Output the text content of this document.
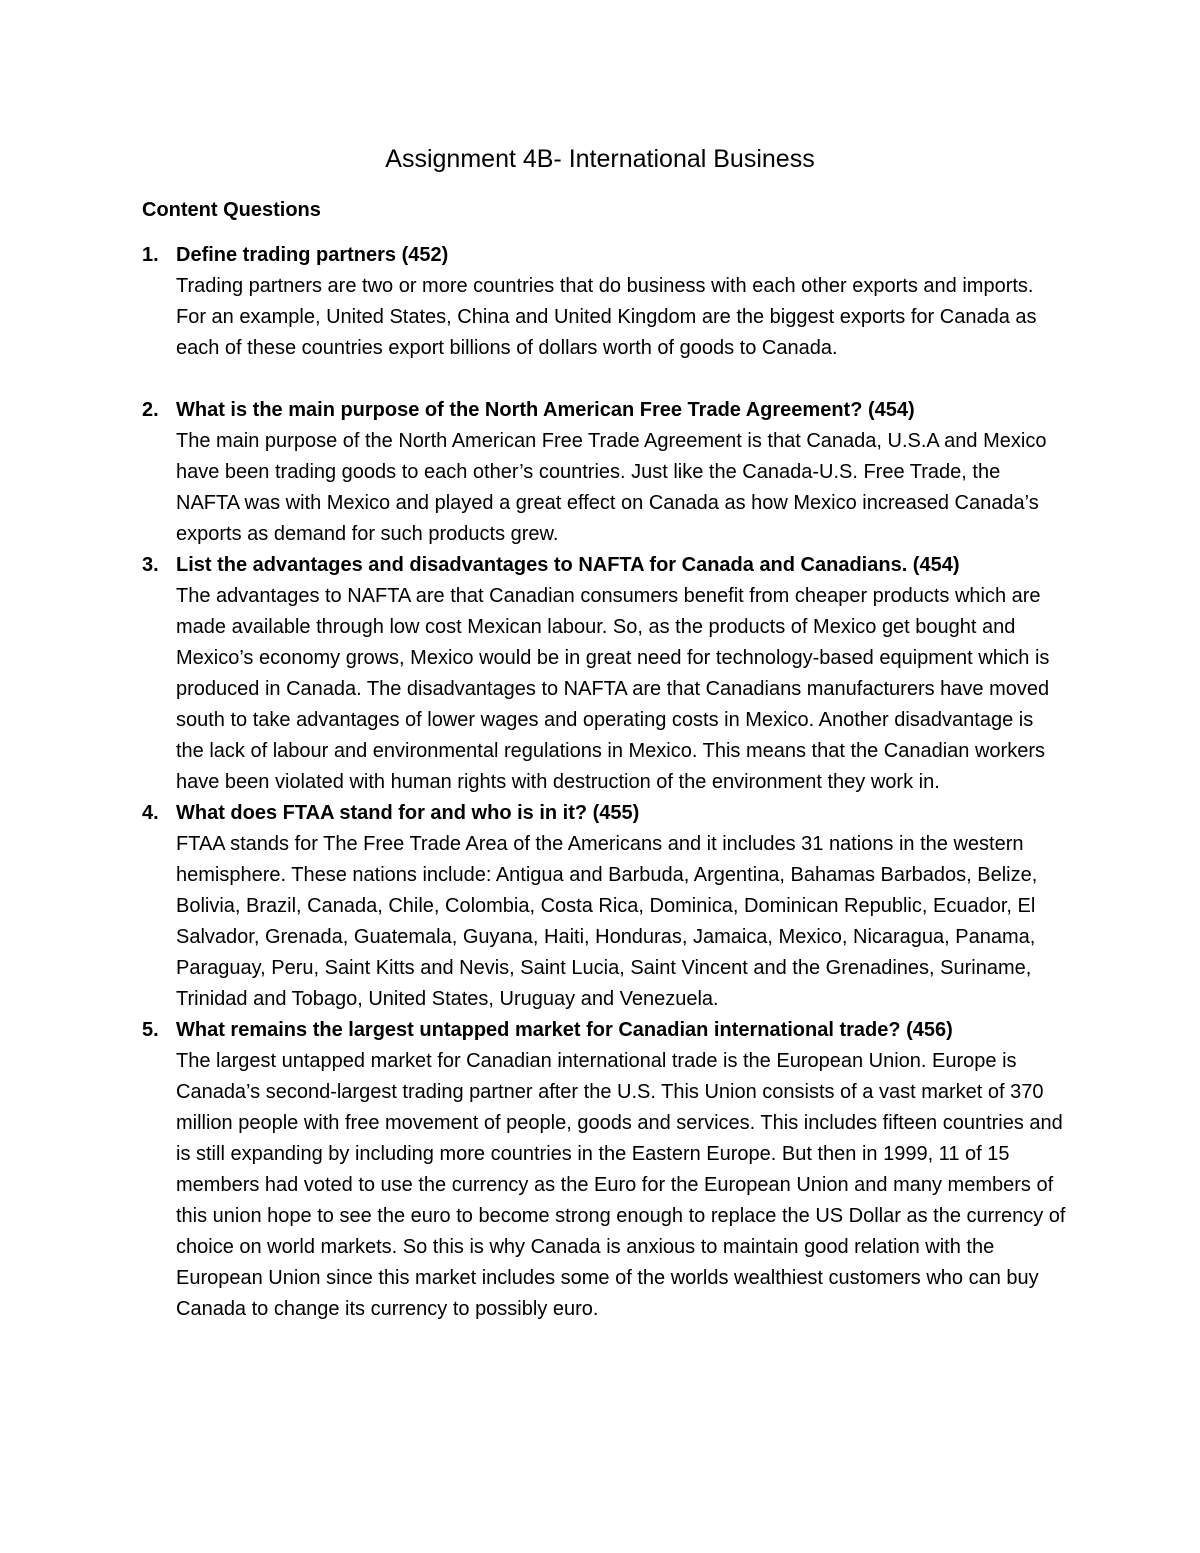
Assignment 4B- International Business
Content Questions
1. Define trading partners (452)
Trading partners are two or more countries that do business with each other exports and imports. For an example, United States, China and United Kingdom are the biggest exports for Canada as each of these countries export billions of dollars worth of goods to Canada.
2. What is the main purpose of the North American Free Trade Agreement? (454)
The main purpose of the North American Free Trade Agreement is that Canada, U.S.A and Mexico have been trading goods to each other’s countries. Just like the Canada-U.S. Free Trade, the NAFTA was with Mexico and played a great effect on Canada as how Mexico increased Canada’s exports as demand for such products grew.
3. List the advantages and disadvantages to NAFTA for Canada and Canadians. (454)
The advantages to NAFTA are that Canadian consumers benefit from cheaper products which are made available through low cost Mexican labour. So, as the products of Mexico get bought and Mexico’s economy grows, Mexico would be in great need for technology-based equipment which is produced in Canada. The disadvantages to NAFTA are that Canadians manufacturers have moved south to take advantages of lower wages and operating costs in Mexico. Another disadvantage is the lack of labour and environmental regulations in Mexico. This means that the Canadian workers have been violated with human rights with destruction of the environment they work in.
4. What does FTAA stand for and who is in it? (455)
FTAA stands for The Free Trade Area of the Americans and it includes 31 nations in the western hemisphere. These nations include: Antigua and Barbuda, Argentina, Bahamas Barbados, Belize, Bolivia, Brazil, Canada, Chile, Colombia, Costa Rica, Dominica, Dominican Republic, Ecuador, El Salvador, Grenada, Guatemala, Guyana, Haiti, Honduras, Jamaica, Mexico, Nicaragua, Panama, Paraguay, Peru, Saint Kitts and Nevis, Saint Lucia, Saint Vincent and the Grenadines, Suriname, Trinidad and Tobago, United States, Uruguay and Venezuela.
5. What remains the largest untapped market for Canadian international trade? (456)
The largest untapped market for Canadian international trade is the European Union. Europe is Canada’s second-largest trading partner after the U.S. This Union consists of a vast market of 370 million people with free movement of people, goods and services. This includes fifteen countries and is still expanding by including more countries in the Eastern Europe. But then in 1999, 11 of 15 members had voted to use the currency as the Euro for the European Union and many members of this union hope to see the euro to become strong enough to replace the US Dollar as the currency of choice on world markets. So this is why Canada is anxious to maintain good relation with the European Union since this market includes some of the worlds wealthiest customers who can buy Canada to change its currency to possibly euro.
